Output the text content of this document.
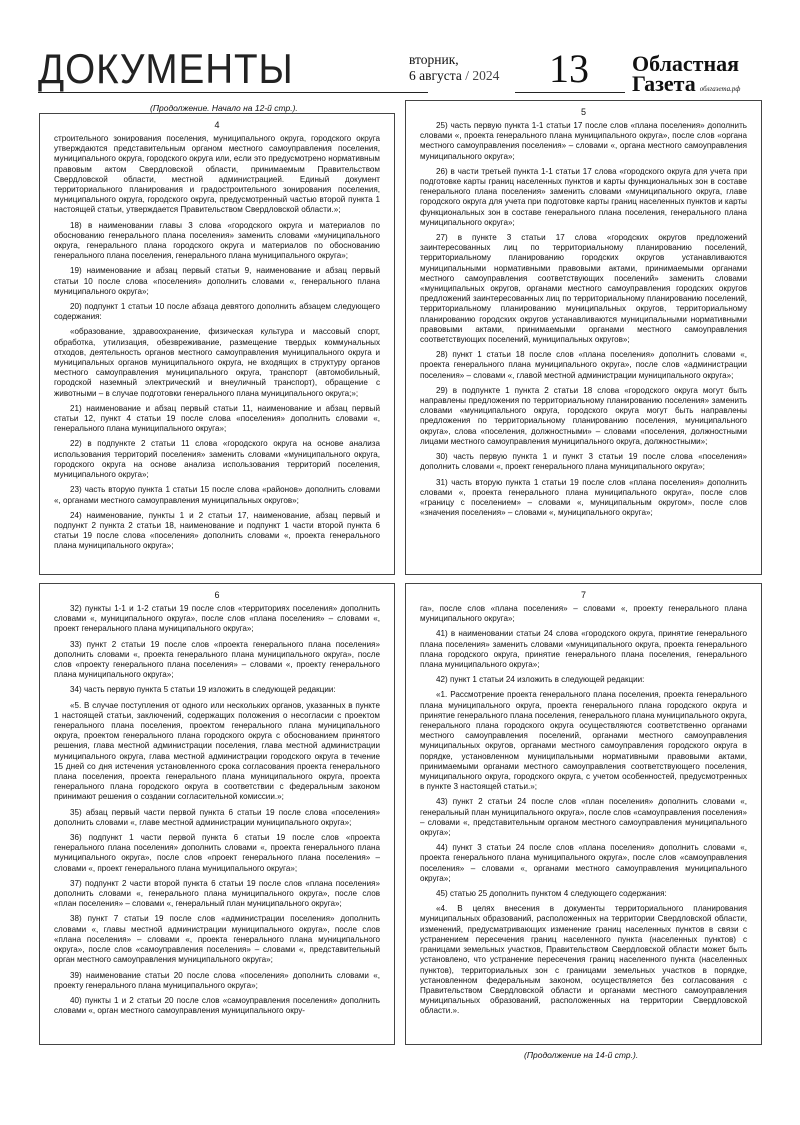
ДОКУМЕНТЫ	вторник,
6 августа / 2024	13	Областная
Газета облгазета.рф
(Продолжение. Начало на 12-й стр.).
4

строительного зонирования поселения, муниципального округа, городского округа утверждаются представительным органом местного самоуправления поселения, муниципального округа, городского округа или, если это предусмотрено нормативным правовым актом Свердловской области, принимаемым Правительством Свердловской области, местной администрацией. Единый документ территориального планирования и градостроительного зонирования поселения, муниципального округа, городского округа, предусмотренный частью второй пункта 1 настоящей статьи, утверждается Правительством Свердловской области.»;

18) в наименовании главы 3 слова «городского округа и материалов по обоснованию генерального плана поселения» заменить словами «муниципального округа, генерального плана городского округа и материалов по обоснованию генерального плана поселения, генерального плана муниципального округа»;

19) наименование и абзац первый статьи 9, наименование и абзац первый статьи 10 после слова «поселения» дополнить словами «, генерального плана муниципального округа»;

20) подпункт 1 статьи 10 после абзаца девятого дополнить абзацем следующего содержания:

«образование, здравоохранение, физическая культура и массовый спорт, обработка, утилизация, обезвреживание, размещение твердых коммунальных отходов, деятельность органов местного самоуправления муниципального округа и муниципальных органов муниципального округа, не входящих в структуру органов местного самоуправления муниципального округа, транспорт (автомобильный, городской наземный электрический и внеуличный транспорт), обращение с животными – в случае подготовки генерального плана муниципального округа;»;

21) наименование и абзац первый статьи 11, наименование и абзац первый статьи 12, пункт 4 статьи 19 после слова «поселения» дополнить словами «, генерального плана муниципального округа»;

22) в подпункте 2 статьи 11 слова «городского округа на основе анализа использования территорий поселения» заменить словами «муниципального округа, городского округа на основе анализа использования территорий поселения, муниципального округа»;

23) часть вторую пункта 1 статьи 15 после слова «районов» дополнить словами «, органами местного самоуправления муниципальных округов»;

24) наименование, пункты 1 и 2 статьи 17, наименование, абзац первый и подпункт 2 пункта 2 статьи 18, наименование и подпункт 1 части второй пункта 6 статьи 19 после слова «поселения» дополнить словами «, проекта генерального плана муниципального округа»;

5

25) часть первую пункта 1-1 статьи 17 после слов «плана поселения» дополнить словами «, проекта генерального плана муниципального округа», после слов «органа местного самоуправления поселения» – словами «, органа местного самоуправления муниципального округа»;

26) в части третьей пункта 1-1 статьи 17 слова «городского округа для учета при подготовке карты границ населенных пунктов и карты функциональных зон в составе генерального плана поселения» заменить словами «муниципального округа, главе городского округа для учета при подготовке карты границ населенных пунктов и карты функциональных зон в составе генерального плана поселения, генерального плана муниципального округа»;

27) в пункте 3 статьи 17 слова «городских округов предложений заинтересованных лиц по территориальному планированию поселений, территориальному планированию городских округов устанавливаются муниципальными нормативными правовыми актами, принимаемыми органами местного самоуправления соответствующих поселений» заменить словами «муниципальных округов, органами местного самоуправления городских округов предложений заинтересованных лиц по территориальному планированию поселений, территориальному планированию муниципальных округов, территориальному планированию городских округов устанавливаются муниципальными нормативными правовыми актами, принимаемыми органами местного самоуправления соответствующих поселений, муниципальных округов»;

28) пункт 1 статьи 18 после слов «плана поселения» дополнить словами «, проекта генерального плана муниципального округа», после слов «администрации поселения» – словами «, главой местной администрации муниципального округа»;

29) в подпункте 1 пункта 2 статьи 18 слова «городского округа могут быть направлены предложения по территориальному планированию поселения» заменить словами «муниципального округа, городского округа могут быть направлены предложения по территориальному планированию поселения, муниципального округа», слова «поселения, должностными» – словами «поселения, должностными лицами местного самоуправления муниципального округа, должностными»;

30) часть первую пункта 1 и пункт 3 статьи 19 после слова «поселения» дополнить словами «, проект генерального плана муниципального округа»;

31) часть вторую пункта 1 статьи 19 после слов «плана поселения» дополнить словами «, проекта генерального плана муниципального округа», после слов «границу с поселением» – словами «, муниципальным округом», после слов «значения поселения» – словами «, муниципального округа»;

6

32) пункты 1-1 и 1-2 статьи 19 после слов «территориях поселения» дополнить словами «, муниципального округа», после слов «плана поселения» – словами «, проект генерального плана муниципального округа»;

33) пункт 2 статьи 19 после слов «проекта генерального плана поселения» дополнить словами «, проекта генерального плана муниципального округа», после слов «проекту генерального плана поселения» – словами «, проекту генерального плана муниципального округа»;

34) часть первую пункта 5 статьи 19 изложить в следующей редакции:

«5. В случае поступления от одного или нескольких органов, указанных в пункте 1 настоящей статьи, заключений, содержащих положения о несогласии с проектом генерального плана поселения, проектом генерального плана муниципального округа, проектом генерального плана городского округа с обоснованием принятого решения, глава местной администрации поселения, глава местной администрации муниципального округа, глава местной администрации городского округа в течение 15 дней со дня истечения установленного срока согласования проекта генерального плана поселения, проекта генерального плана муниципального округа, проекта генерального плана городского округа в соответствии с федеральным законом принимают решения о создании согласительной комиссии.»;

35) абзац первый части первой пункта 6 статьи 19 после слова «поселения» дополнить словами «, главе местной администрации муниципального округа»;

36) подпункт 1 части первой пункта 6 статьи 19 после слов «проекта генерального плана поселения» дополнить словами «, проекта генерального плана муниципального округа», после слов «проект генерального плана поселения» – словами «, проект генерального плана муниципального округа»;

37) подпункт 2 части второй пункта 6 статьи 19 после слов «плана поселения» дополнить словами «, генерального плана муниципального округа», после слов «план поселения» – словами «, генеральный план муниципального округа»;

38) пункт 7 статьи 19 после слов «администрации поселения» дополнить словами «, главы местной администрации муниципального округа», после слов «плана поселения» – словами «, проекта генерального плана муниципального округа», после слов «самоуправления поселения» – словами «, представительный орган местного самоуправления муниципального округа»;

39) наименование статьи 20 после слова «поселения» дополнить словами «, проекту генерального плана муниципального округа»;

40) пункты 1 и 2 статьи 20 после слов «самоуправления поселения» дополнить словами «, орган местного самоуправления муниципального окру-

7

га», после слов «плана поселения» – словами «, проекту генерального плана муниципального округа»;

41) в наименовании статьи 24 слова «городского округа, принятие генерального плана поселения» заменить словами «муниципального округа, проекта генерального плана городского округа, принятие генерального плана поселения, генерального плана муниципального округа»;

42) пункт 1 статьи 24 изложить в следующей редакции:

«1. Рассмотрение проекта генерального плана поселения, проекта генерального плана муниципального округа, проекта генерального плана городского округа и принятие генерального плана поселения, генерального плана муниципального округа, генерального плана городского округа осуществляются соответственно органами местного самоуправления поселений, органами местного самоуправления муниципальных округов, органами местного самоуправления городского округа в порядке, установленном муниципальными нормативными правовыми актами, принимаемыми органами местного самоуправления соответствующего поселения, муниципального округа, городского округа, с учетом особенностей, предусмотренных в пункте 3 настоящей статьи.»;

43) пункт 2 статьи 24 после слов «план поселения» дополнить словами «, генеральный план муниципального округа», после слов «самоуправления поселения» – словами «, представительным органом местного самоуправления муниципального округа»;

44) пункт 3 статьи 24 после слов «плана поселения» дополнить словами «, проекта генерального плана муниципального округа», после слов «самоуправления поселения» – словами «, органами местного самоуправления муниципального округа»;

45) статью 25 дополнить пунктом 4 следующего содержания:

«4. В целях внесения в документы территориального планирования муниципальных образований, расположенных на территории Свердловской области, изменений, предусматривающих изменение границ населенных пунктов в связи с устранением пересечения границ населенного пункта (населенных пунктов) с границами земельных участков, Правительством Свердловской области может быть установлено, что устранение пересечения границ населенного пункта (населенных пунктов), территориальных зон с границами земельных участков в порядке, установленном федеральным законом, осуществляется без согласования с Правительством Свердловской области и органами местного самоуправления муниципальных образований, расположенных на территории Свердловской области.».

(Продолжение на 14-й стр.).
